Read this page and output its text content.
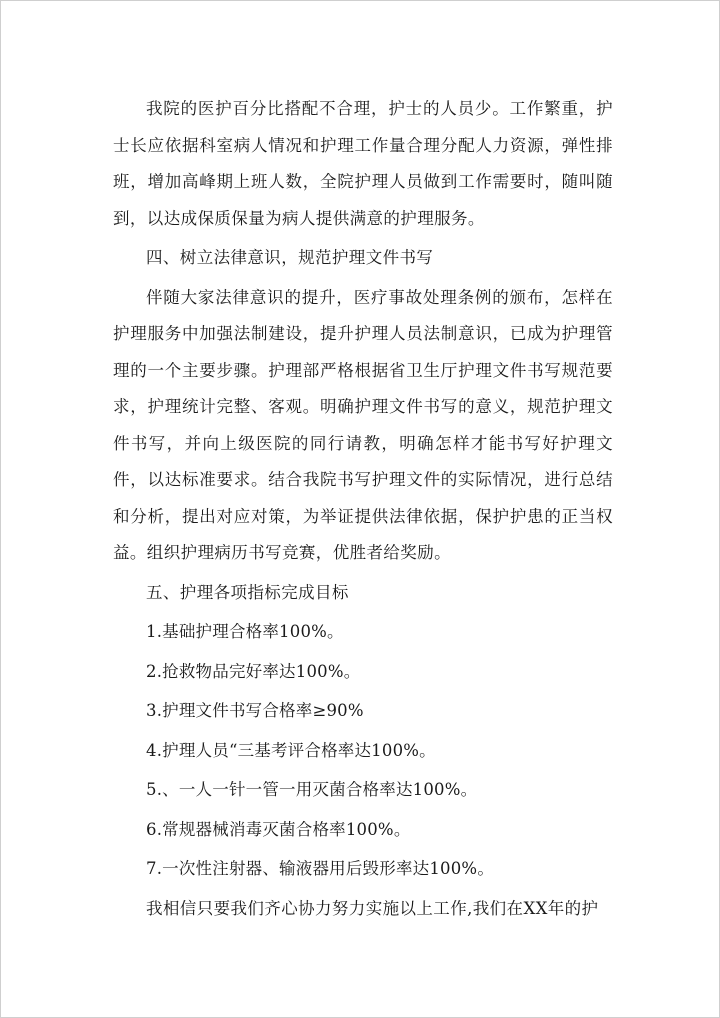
我院的医护百分比搭配不合理，护士的人员少。工作繁重，护士长应依据科室病人情况和护理工作量合理分配人力资源，弹性排班，增加高峰期上班人数，全院护理人员做到工作需要时，随叫随到，以达成保质保量为病人提供满意的护理服务。

四、树立法律意识，规范护理文件书写

伴随大家法律意识的提升，医疗事故处理条例的颁布，怎样在护理服务中加强法制建设，提升护理人员法制意识，已成为护理管理的一个主要步骤。护理部严格根据省卫生厅护理文件书写规范要求，护理统计完整、客观。明确护理文件书写的意义，规范护理文件书写，并向上级医院的同行请教，明确怎样才能书写好护理文件，以达标准要求。结合我院书写护理文件的实际情况，进行总结和分析，提出对应对策，为举证提供法律依据，保护护患的正当权益。组织护理病历书写竞赛，优胜者给奖励。

五、护理各项指标完成目标

1.基础护理合格率100%。

2.抢救物品完好率达100%。

3.护理文件书写合格率≥90%

4.护理人员“三基考评合格率达100%。

5.、一人一针一管一用灭菌合格率达100%。

6.常规器械消毒灭菌合格率100%。

7.一次性注射器、输液器用后毁形率达100%。

我相信只要我们齐心协力努力实施以上工作,我们在XX年的护
